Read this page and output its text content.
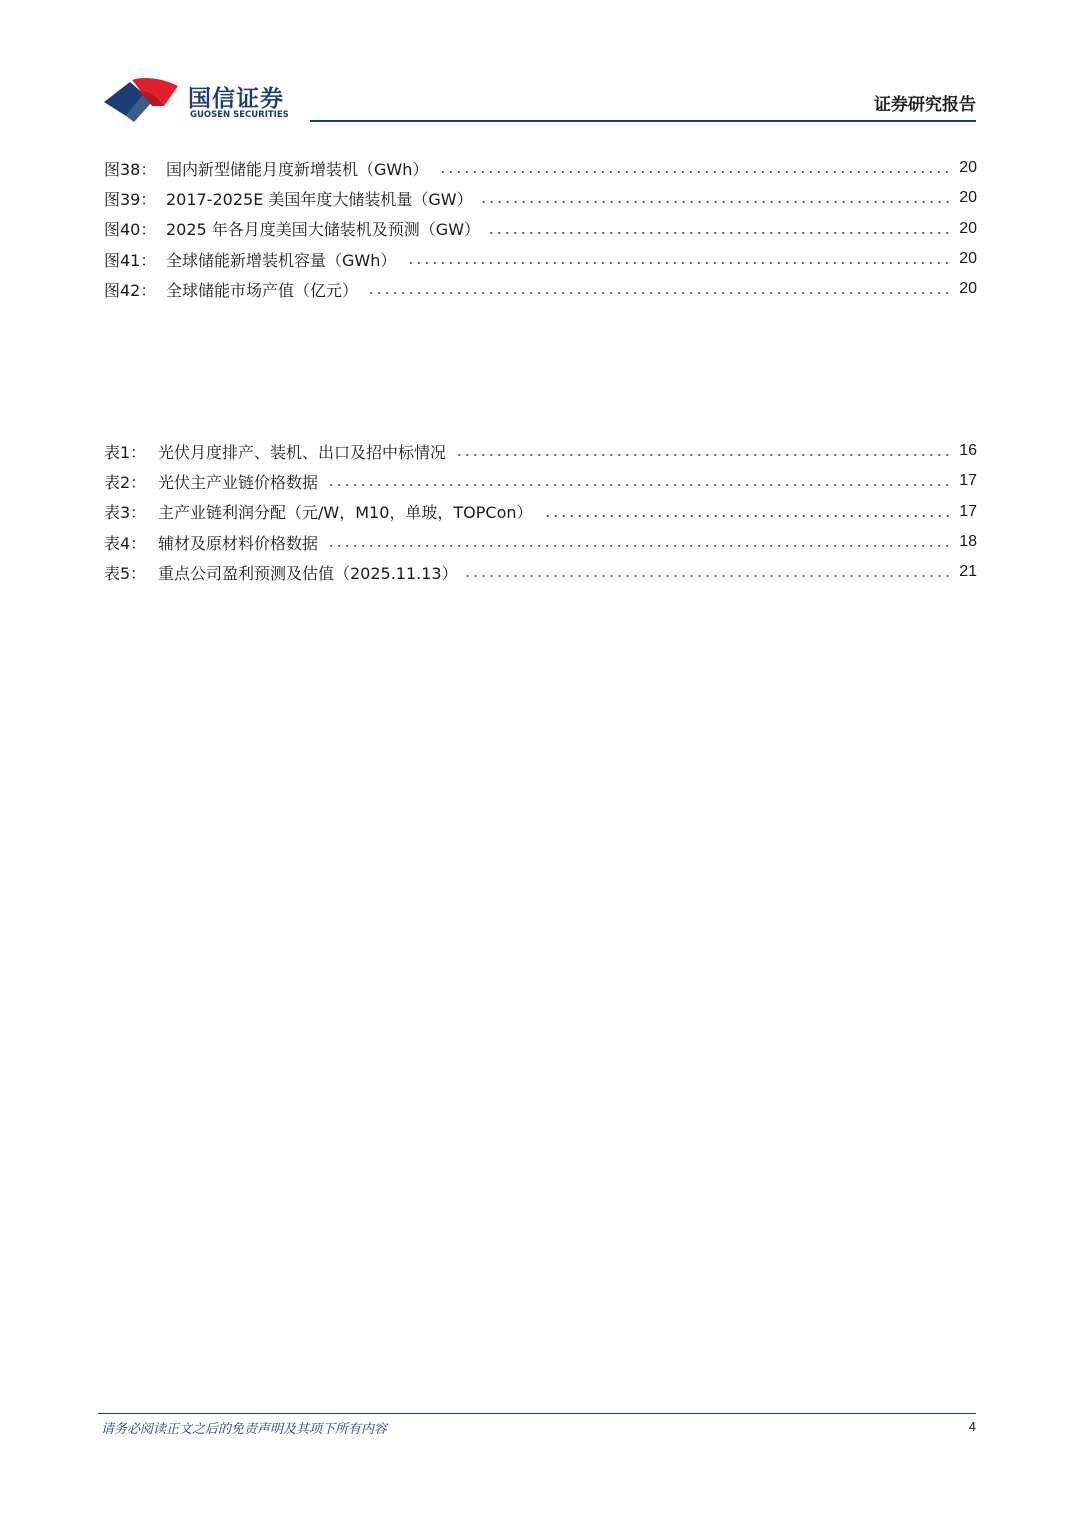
国信证券
GUOSEN SECURITIES	证券研究报告
图38： 国内新型储能月度新增装机（GWh）	20
图39： 2017-2025E 美国年度大储装机量（GW）	20
图40： 2025 年各月度美国大储装机及预测（GW）	20
图41： 全球储能新增装机容量（GWh）	20
图42： 全球储能市场产值（亿元）	20
表1： 光伏月度排产、装机、出口及招中标情况	16
表2： 光伏主产业链价格数据	17
表3： 主产业链利润分配（元/W，M10，单玻，TOPCon）	17
表4： 辅材及原材料价格数据	18
表5： 重点公司盈利预测及估值（2025.11.13）	21
请务必阅读正文之后的免责声明及其项下所有内容	4
